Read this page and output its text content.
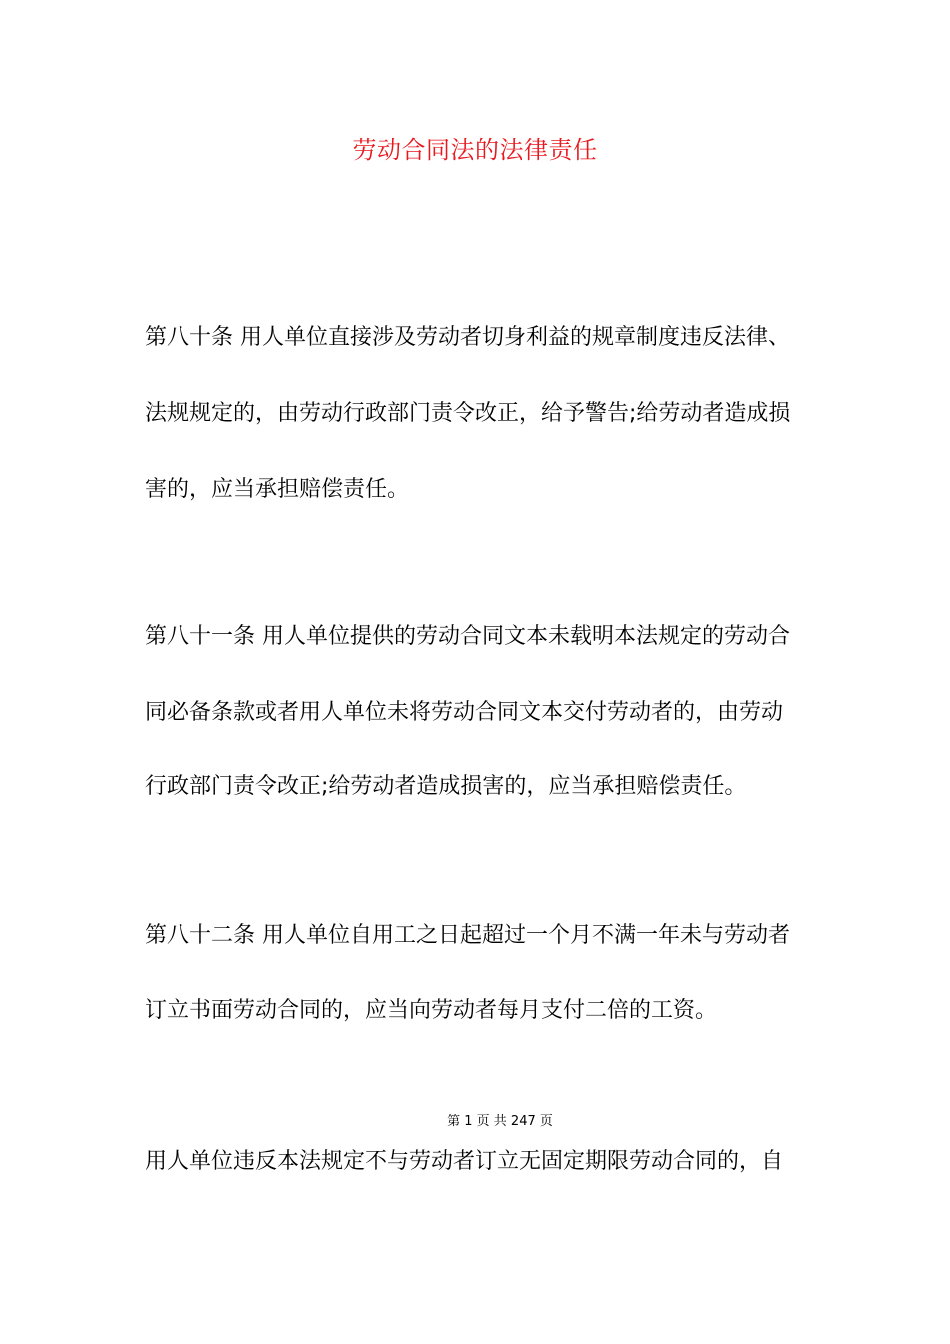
劳动合同法的法律责任
第八十条 用人单位直接涉及劳动者切身利益的规章制度违反法律、
法规规定的，由劳动行政部门责令改正，给予警告;给劳动者造成损
害的，应当承担赔偿责任。
第八十一条 用人单位提供的劳动合同文本未载明本法规定的劳动合
同必备条款或者用人单位未将劳动合同文本交付劳动者的，由劳动
行政部门责令改正;给劳动者造成损害的，应当承担赔偿责任。
第八十二条 用人单位自用工之日起超过一个月不满一年未与劳动者
订立书面劳动合同的，应当向劳动者每月支付二倍的工资。
第 1 页 共 247 页
用人单位违反本法规定不与劳动者订立无固定期限劳动合同的，自
